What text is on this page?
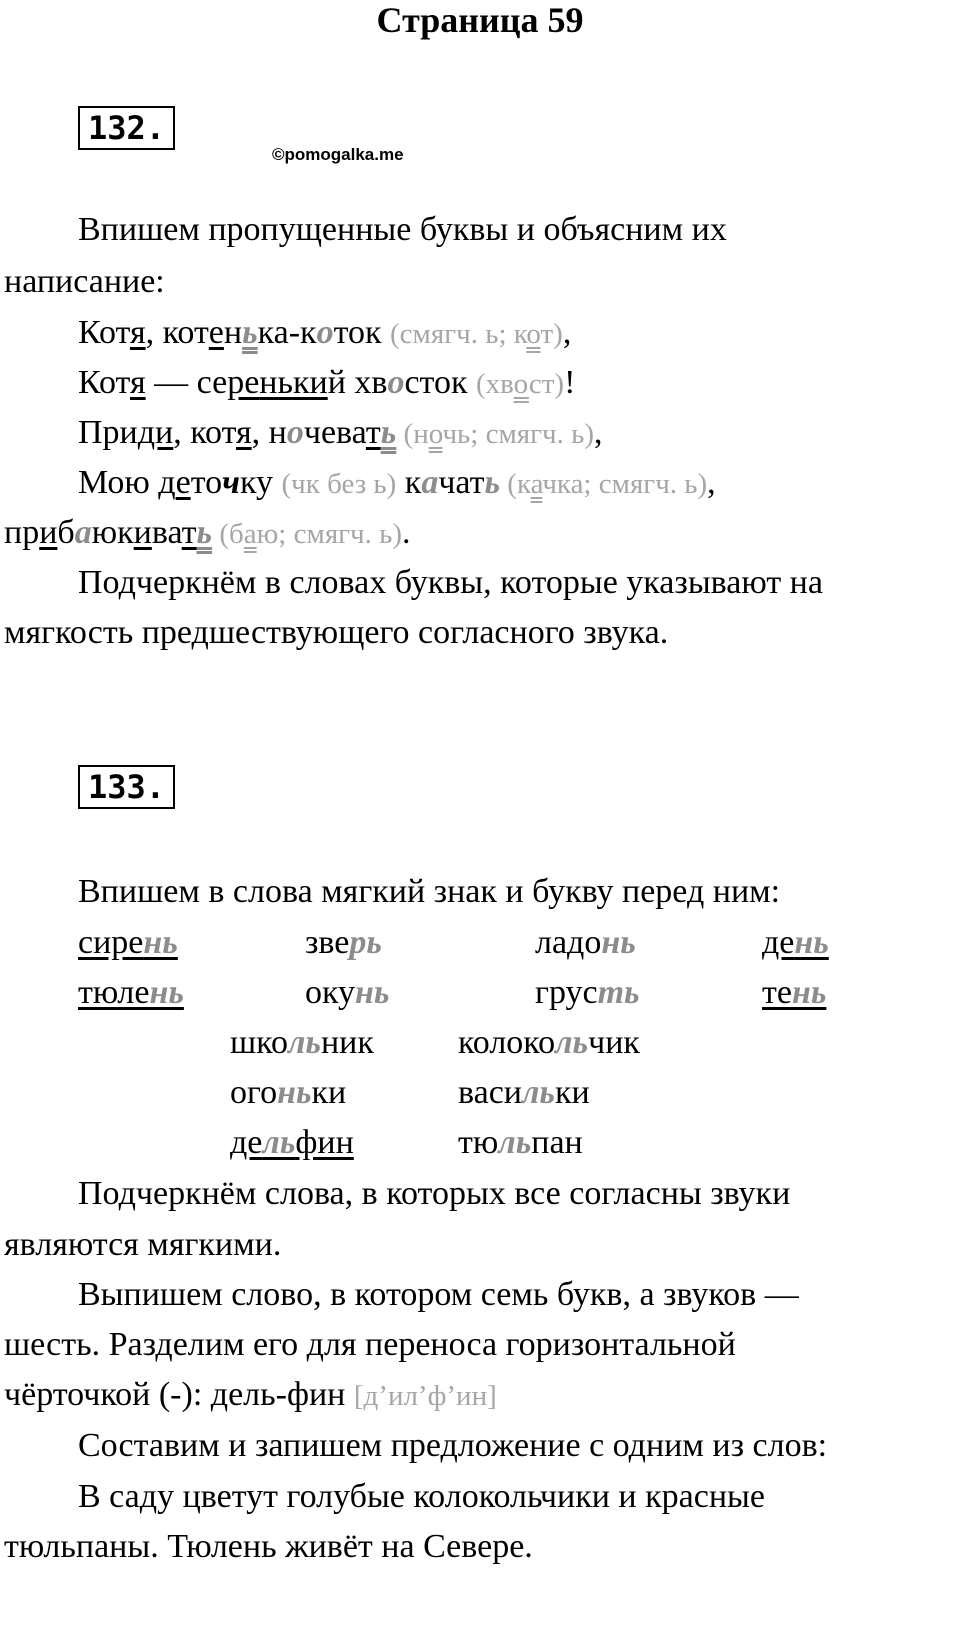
Страница 59
132.
©pomogalka.me
Впишем пропущенные буквы и объясним их
написание:
Котя, котенька-коток (смягч. ь; кот),
Котя — серенький хвосток (хвост)!
Приди, котя, ночевать (ночь; смягч. ь),
Мою деточку (чк без ь) качать (качка; смягч. ь),
прибаюкивать (баю; смягч. ь).
Подчеркнём в словах буквы, которые указывают на
мягкость предшествующего согласного звука.
133.
Впишем в слова мягкий знак и букву перед ним:
сирень	зверь	ладонь	день
тюлень	окунь	грусть	тень
школьник колокольчик
огоньки	васильки
дельфин	тюльпан
Подчеркнём слова, в которых все согласны звуки
являются мягкими.
Выпишем слово, в котором семь букв, а звуков —
шесть. Разделим его для переноса горизонтальной
чёрточкой (-): дель-фин [д’ил’ф’ин]
Составим и запишем предложение с одним из слов:
В саду цветут голубые колокольчики и красные
тюльпаны. Тюлень живёт на Севере.
